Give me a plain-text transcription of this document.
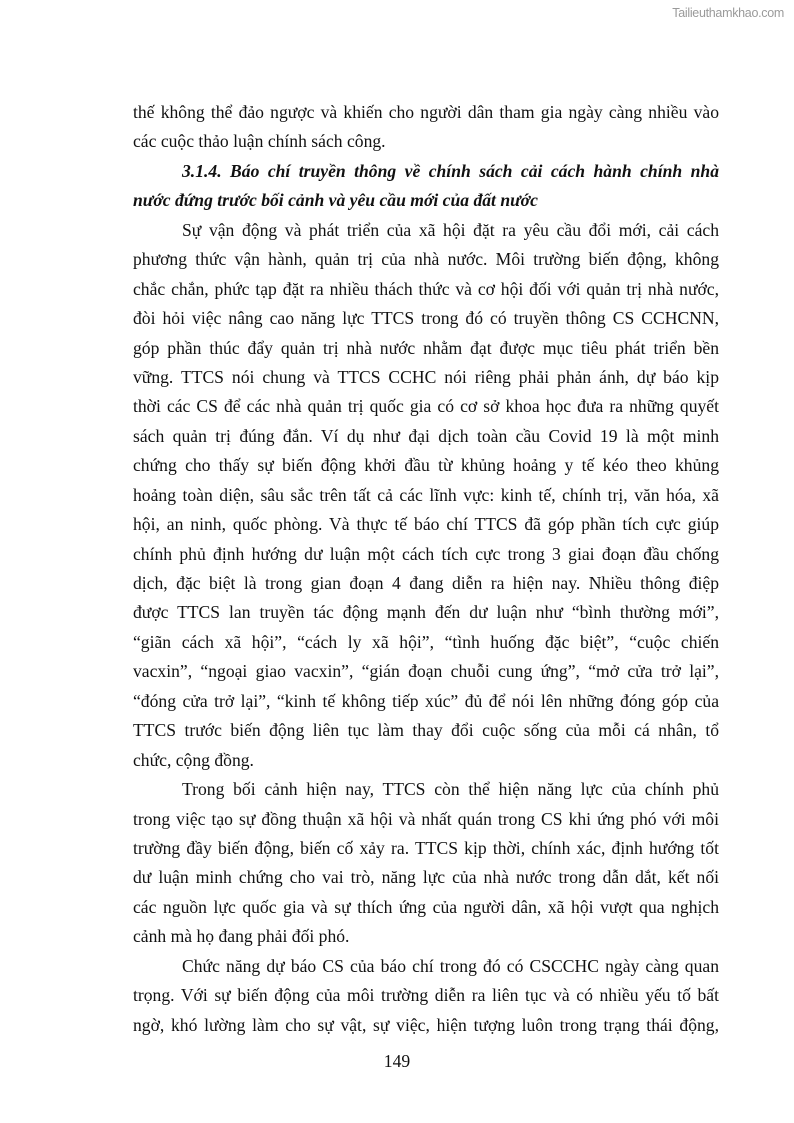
Tailieuthamkhao.com
thế không thể đảo ngược và khiến cho người dân tham gia ngày càng nhiều vào
các cuộc thảo luận chính sách công.
3.1.4. Báo chí truyền thông về chính sách cải cách hành chính nhà
nước đứng trước bối cảnh và yêu cầu mới của đất nước
Sự vận động và phát triển của xã hội đặt ra yêu cầu đổi mới, cải cách
phương thức vận hành, quản trị của nhà nước. Môi trường biến động, không
chắc chắn, phức tạp đặt ra nhiều thách thức và cơ hội đối với quản trị nhà nước,
đòi hỏi việc nâng cao năng lực TTCS trong đó có truyền thông CS CCHCNN,
góp phần thúc đẩy quản trị nhà nước nhằm đạt được mục tiêu phát triển bền
vững. TTCS nói chung và TTCS CCHC nói riêng phải phản ánh, dự báo kịp
thời các CS để các nhà quản trị quốc gia có cơ sở khoa học đưa ra những quyết
sách quản trị đúng đắn. Ví dụ như đại dịch toàn cầu Covid 19 là một minh
chứng cho thấy sự biến động khởi đầu từ khủng hoảng y tế kéo theo khủng
hoảng toàn diện, sâu sắc trên tất cả các lĩnh vực: kinh tế, chính trị, văn hóa, xã
hội, an ninh, quốc phòng. Và thực tế báo chí TTCS đã góp phần tích cực giúp
chính phủ định hướng dư luận một cách tích cực trong 3 giai đoạn đầu chống
dịch, đặc biệt là trong gian đoạn 4 đang diễn ra hiện nay. Nhiều thông điệp
được TTCS lan truyền tác động mạnh đến dư luận như “bình thường mới”,
“giãn cách xã hội”, “cách ly xã hội”, “tình huống đặc biệt”, “cuộc chiến
vacxin”, “ngoại giao vacxin”, “gián đoạn chuỗi cung ứng”, “mở cửa trở lại”,
“đóng cửa trở lại”, “kinh tế không tiếp xúc” đủ để nói lên những đóng góp của
TTCS trước biến động liên tục làm thay đổi cuộc sống của mỗi cá nhân, tổ
chức, cộng đồng.
Trong bối cảnh hiện nay, TTCS còn thể hiện năng lực của chính phủ
trong việc tạo sự đồng thuận xã hội và nhất quán trong CS khi ứng phó với môi
trường đầy biến động, biến cố xảy ra. TTCS kịp thời, chính xác, định hướng tốt
dư luận minh chứng cho vai trò, năng lực của nhà nước trong dẫn dắt, kết nối
các nguồn lực quốc gia và sự thích ứng của người dân, xã hội vượt qua nghịch
cảnh mà họ đang phải đối phó.
Chức năng dự báo CS của báo chí trong đó có CSCCHC ngày càng quan
trọng. Với sự biến động của môi trường diễn ra liên tục và có nhiều yếu tố bất
ngờ, khó lường làm cho sự vật, sự việc, hiện tượng luôn trong trạng thái động,
149
